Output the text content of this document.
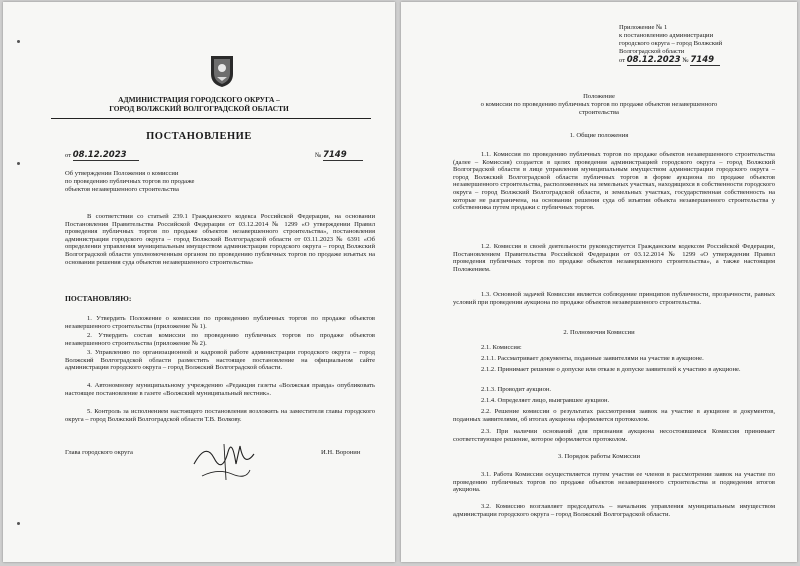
АДМИНИСТРАЦИЯ ГОРОДСКОГО ОКРУГА –
ГОРОД ВОЛЖСКИЙ ВОЛГОГРАДСКОЙ ОБЛАСТИ
ПОСТАНОВЛЕНИЕ
от 08.12.2023	№ 7149
Об утверждении Положения о комиссии
по проведению публичных торгов по продаже
объектов незавершенного строительства
В соответствии со статьей 239.1 Гражданского кодекса Российской Федерации, на основании Постановления Правительства Российской Федерации от 03.12.2014 № 1299 «О утверждении Правил проведения публичных торгов по продаже объектов незавершенного строительства», постановления администрации городского округа – город Волжский Волгоградской области от 03.11.2023 № 6391 «Об определении управления муниципальным имуществом администрации городского округа – город Волжский Волгоградской области уполномоченным органом по проведению публичных торгов по продаже изъятых на основании решения суда объектов незавершенного строительства»
ПОСТАНОВЛЯЮ:
1. Утвердить Положение о комиссии по проведению публичных торгов по продаже объектов незавершенного строительства (приложение № 1).
2. Утвердить состав комиссии по проведению публичных торгов по продаже объектов незавершенного строительства (приложение № 2).
3. Управлению по организационной и кадровой работе администрации городского округа – город Волжский Волгоградской области разместить настоящее постановление на официальном сайте администрации городского округа – город Волжский Волгоградской области.
4. Автономному муниципальному учреждению «Редакция газеты «Волжская правда» опубликовать настоящее постановление в газете «Волжский муниципальный вестник».
5. Контроль за исполнением настоящего постановления возложить на заместителя главы городского округа – город Волжский Волгоградской области Т.В. Волкову.
Глава городского округа	И.Н. Воронин
Приложение № 1
к постановлению администрации
городского округа – город Волжский
Волгоградской области
от 08.12.2023 № 7149
Положение
о комиссии по проведению публичных торгов по продаже объектов незавершенного
строительства
1. Общие положения
1.1. Комиссия по проведению публичных торгов по продаже объектов незавершенного строительства (далее – Комиссия) создается в целях проведения администрацией городского округа – город Волжский Волгоградской области в лице управления муниципальным имуществом администрации городского округа – город Волжский Волгоградской области публичных торгов в форме аукциона по продаже объектов незавершенного строительства, расположенных на земельных участках, находящихся в собственности городского округа – город Волжский Волгоградской области, и земельных участках, государственная собственность на которые не разграничена, на основании решения суда об изъятии объекта незавершенного строительства у собственника путем продажи с публичных торгов.
1.2. Комиссия в своей деятельности руководствуется Гражданским кодексом Российской Федерации, Постановлением Правительства Российской Федерации от 03.12.2014 № 1299 «О утверждении Правил проведения публичных торгов по продаже объектов незавершенного строительства», а также настоящим Положением.
1.3. Основной задачей Комиссии является соблюдение принципов публичности, прозрачности, равных условий при проведении аукциона по продаже объектов незавершенного строительства.
2. Полномочия Комиссии
2.1. Комиссия:
2.1.1. Рассматривает документы, поданные заявителями на участие в аукционе.
2.1.2. Принимает решение о допуске или отказе в допуске заявителей к участию в аукционе.
2.1.3. Проводит аукцион.
2.1.4. Определяет лицо, выигравшее аукцион.
2.2. Решение комиссии о результатах рассмотрения заявок на участие в аукционе и документов, поданных заявителями, об итогах аукциона оформляется протоколом.
2.3. При наличии оснований для признания аукциона несостоявшимся Комиссия принимает соответствующее решение, которое оформляется протоколом.
3. Порядок работы Комиссии
3.1. Работа Комиссии осуществляется путем участия ее членов в рассмотрении заявок на участие по проведению публичных торгов по продаже объектов незавершенного строительства и подведения итогов аукциона.
3.2. Комиссию возглавляет председатель – начальник управления муниципальным имуществом администрации городского округа – город Волжский Волгоградской области.
